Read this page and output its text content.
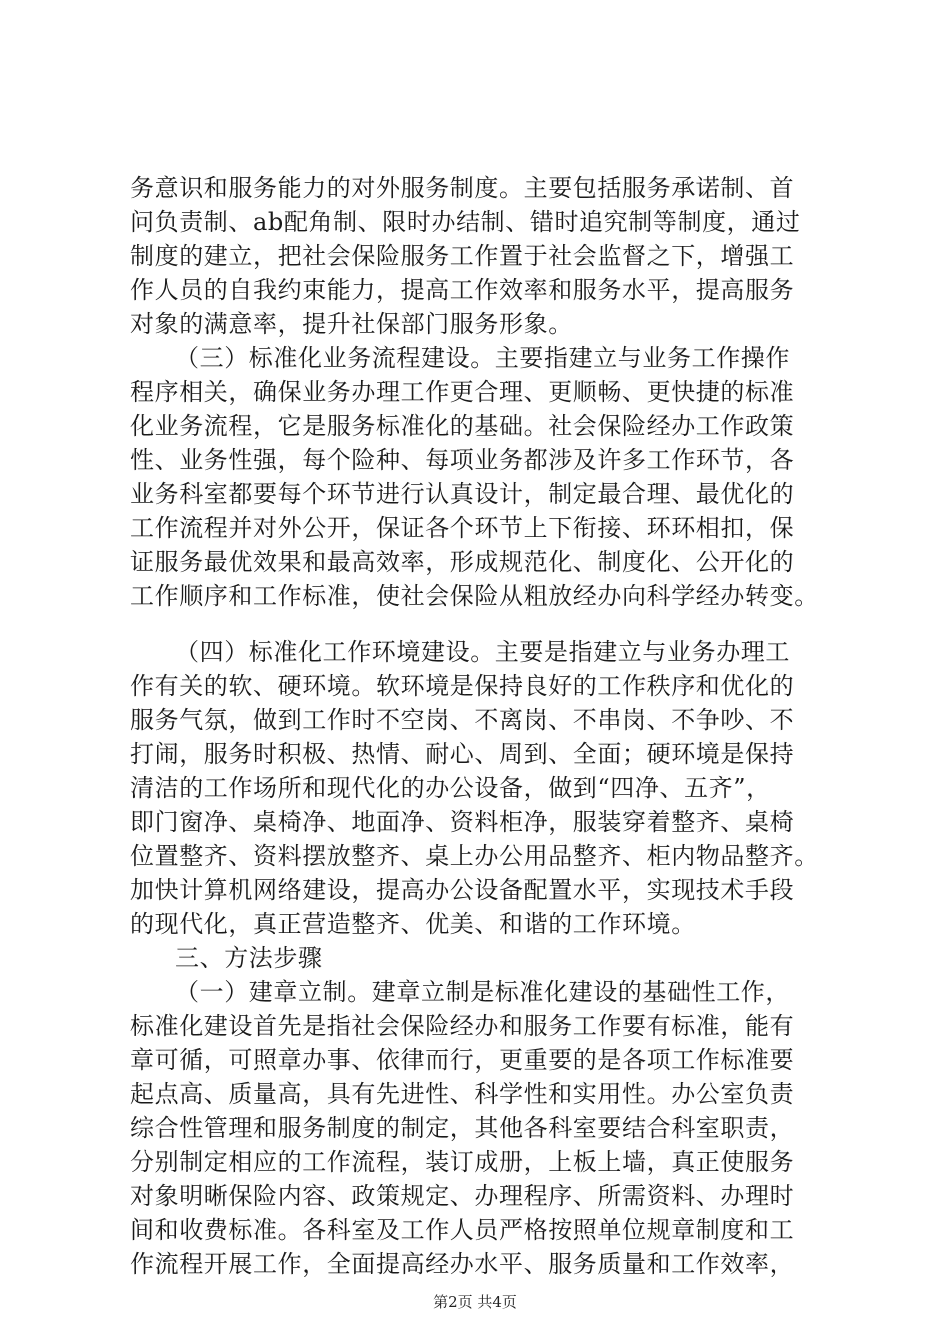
务意识和服务能力的对外服务制度。主要包括服务承诺制、首
问负责制、ab配角制、限时办结制、错时追究制等制度，通过
制度的建立，把社会保险服务工作置于社会监督之下，增强工
作人员的自我约束能力，提高工作效率和服务水平，提高服务
对象的满意率，提升社保部门服务形象。
（三）标准化业务流程建设。主要指建立与业务工作操作
程序相关，确保业务办理工作更合理、更顺畅、更快捷的标准
化业务流程，它是服务标准化的基础。社会保险经办工作政策
性、业务性强，每个险种、每项业务都涉及许多工作环节，各
业务科室都要每个环节进行认真设计，制定最合理、最优化的
工作流程并对外公开，保证各个环节上下衔接、环环相扣，保
证服务最优效果和最高效率，形成规范化、制度化、公开化的
工作顺序和工作标准，使社会保险从粗放经办向科学经办转变。
（四）标准化工作环境建设。主要是指建立与业务办理工
作有关的软、硬环境。软环境是保持良好的工作秩序和优化的
服务气氛，做到工作时不空岗、不离岗、不串岗、不争吵、不
打闹，服务时积极、热情、耐心、周到、全面；硬环境是保持
清洁的工作场所和现代化的办公设备，做到“四净、五齐”，
即门窗净、桌椅净、地面净、资料柜净，服装穿着整齐、桌椅
位置整齐、资料摆放整齐、桌上办公用品整齐、柜内物品整齐。
加快计算机网络建设，提高办公设备配置水平，实现技术手段
的现代化，真正营造整齐、优美、和谐的工作环境。
三、方法步骤
（一）建章立制。建章立制是标准化建设的基础性工作，
标准化建设首先是指社会保险经办和服务工作要有标准，能有
章可循，可照章办事、依律而行，更重要的是各项工作标准要
起点高、质量高，具有先进性、科学性和实用性。办公室负责
综合性管理和服务制度的制定，其他各科室要结合科室职责，
分别制定相应的工作流程，装订成册，上板上墙，真正使服务
对象明晰保险内容、政策规定、办理程序、所需资料、办理时
间和收费标准。各科室及工作人员严格按照单位规章制度和工
作流程开展工作，全面提高经办水平、服务质量和工作效率，
第2页 共4页
